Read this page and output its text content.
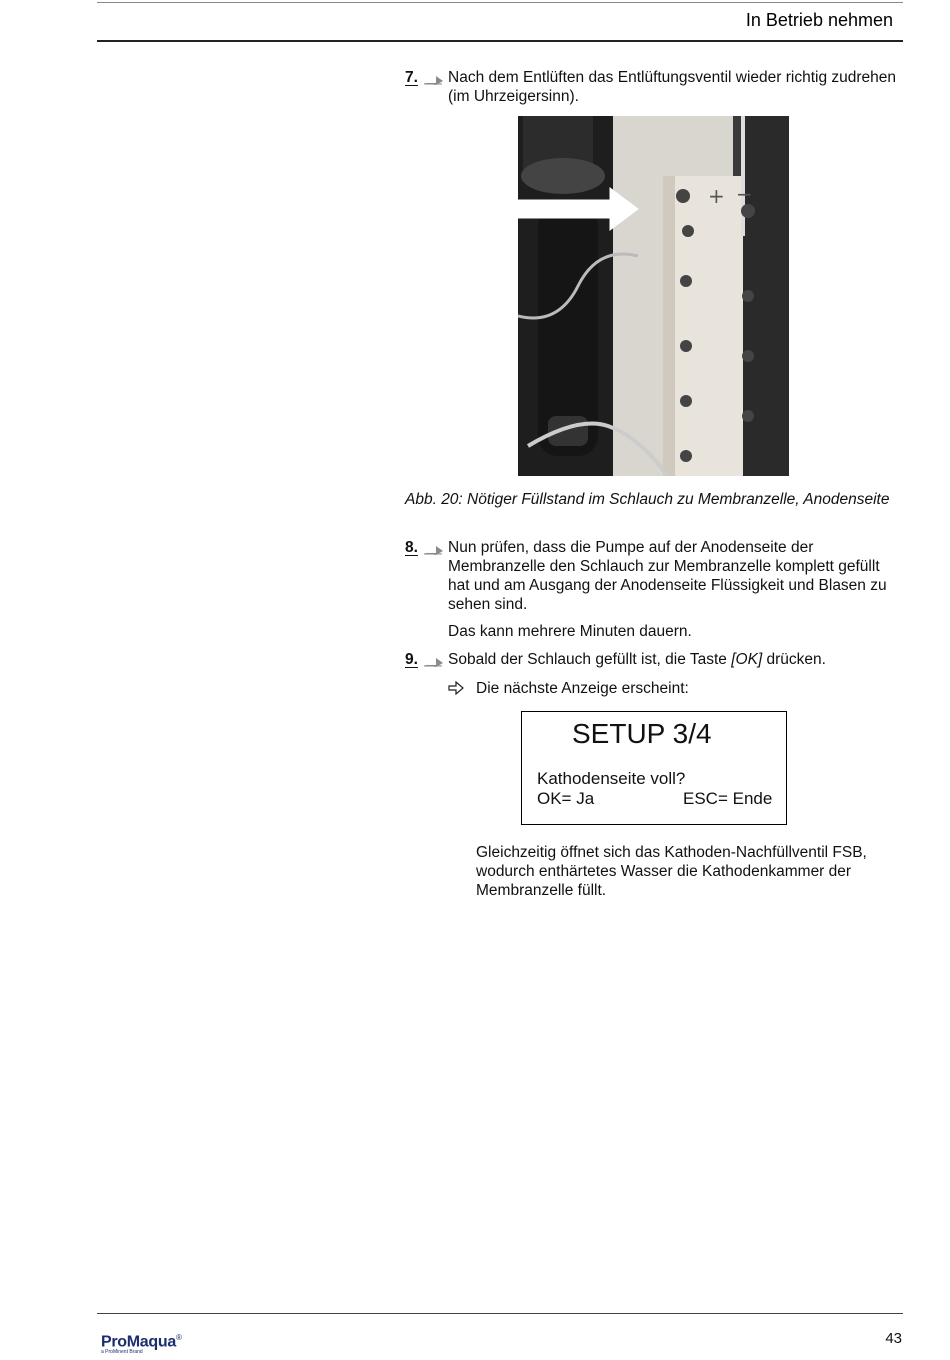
In Betrieb nehmen
7. Nach dem Entlüften das Entlüftungsventil wieder richtig zudrehen (im Uhrzeigersinn).
+ −
Abb. 20: Nötiger Füllstand im Schlauch zu Membranzelle, Anodenseite
8. Nun prüfen, dass die Pumpe auf der Anodenseite der Membranzelle den Schlauch zur Membranzelle komplett gefüllt hat und am Ausgang der Anodenseite Flüssigkeit und Blasen zu sehen sind.
Das kann mehrere Minuten dauern.
9. Sobald der Schlauch gefüllt ist, die Taste [OK] drücken.
Die nächste Anzeige erscheint:
SETUP 3/4
Kathodenseite voll?
OK= Ja	ESC= Ende
Gleichzeitig öffnet sich das Kathoden-Nachfüllventil FSB, wodurch enthärtetes Wasser die Kathodenkammer der Membranzelle füllt.
ProMaqua®
a ProMinent Brand
43
